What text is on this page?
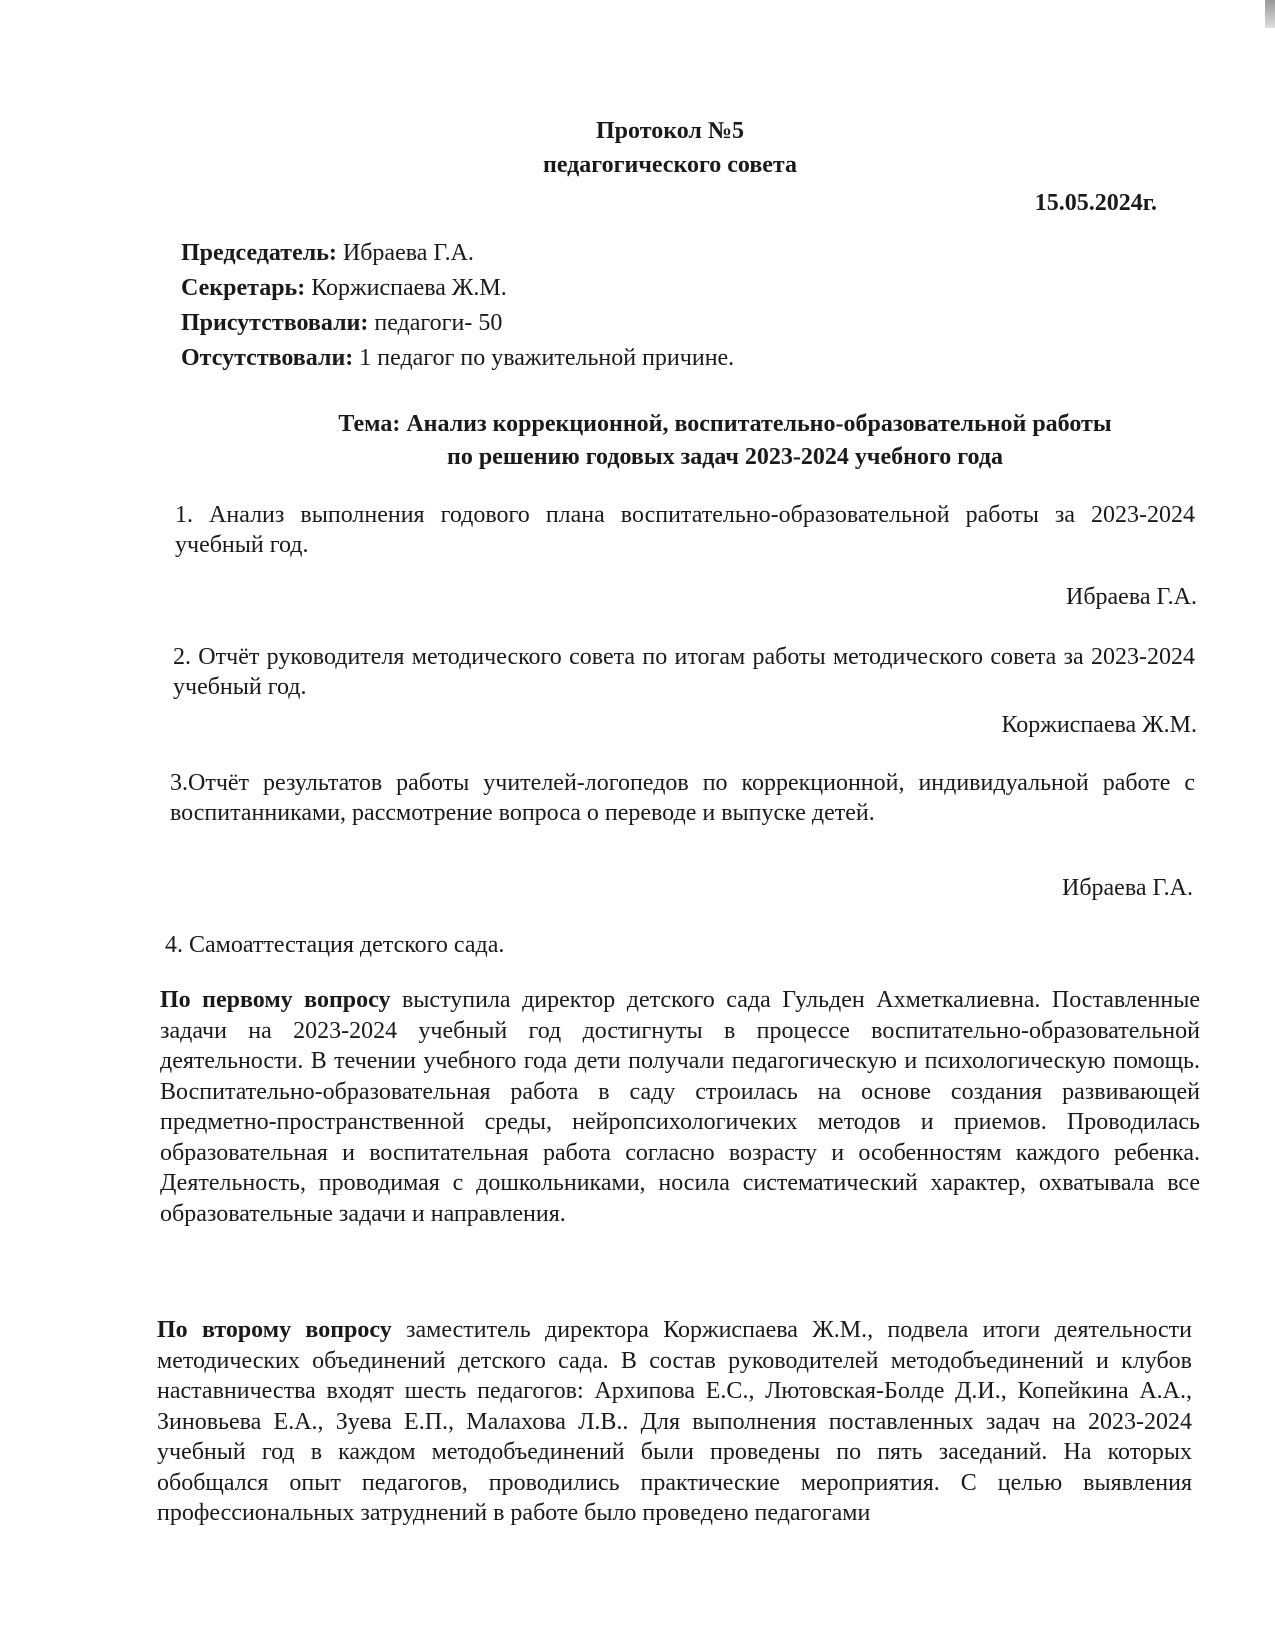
Протокол №5
педагогического совета
15.05.2024г.
Председатель: Ибраева Г.А.
Секретарь: Коржиспаева Ж.М.
Присутствовали: педагоги- 50
Отсутствовали: 1 педагог по уважительной причине.
Тема: Анализ коррекционной, воспитательно-образовательной работы
по решению годовых задач 2023-2024 учебного года

1. Анализ выполнения годового плана воспитательно-образовательной работы за 2023-2024 учебный год.

Ибраева Г.А.

2. Отчёт руководителя методического совета по итогам работы методического совета за 2023-2024 учебный год.

Коржиспаева Ж.М.

3.Отчёт результатов работы учителей-логопедов по коррекционной, индивидуальной работе с воспитанниками, рассмотрение вопроса о переводе и выпуске детей.

Ибраева Г.А.

4. Самоаттестация детского сада.

По первому вопросу выступила директор детского сада Гульден Ахметкалиевна. Поставленные задачи на 2023-2024 учебный год достигнуты в процессе воспитательно-образовательной деятельности. В течении учебного года дети получали педагогическую и психологическую помощь. Воспитательно-образовательная работа в саду строилась на основе создания развивающей предметно-пространственной среды, нейропсихологичеких методов и приемов. Проводилась образовательная и воспитательная работа согласно возрасту и особенностям каждого ребенка. Деятельность, проводимая с дошкольниками, носила систематический характер, охватывала все образовательные задачи и направления.

По второму вопросу заместитель директора Коржиспаева Ж.М., подвела итоги деятельности методических объединений детского сада. В состав руководителей методобъединений и клубов наставничества входят шесть педагогов: Архипова Е.С., Лютовская-Болде Д.И., Копейкина А.А., Зиновьева Е.А., Зуева Е.П., Малахова Л.В.. Для выполнения поставленных задач на 2023-2024 учебный год в каждом методобъединений были проведены по пять заседаний. На которых обобщался опыт педагогов, проводились практические мероприятия. С целью выявления профессиональных затруднений в работе было проведено педагогами
